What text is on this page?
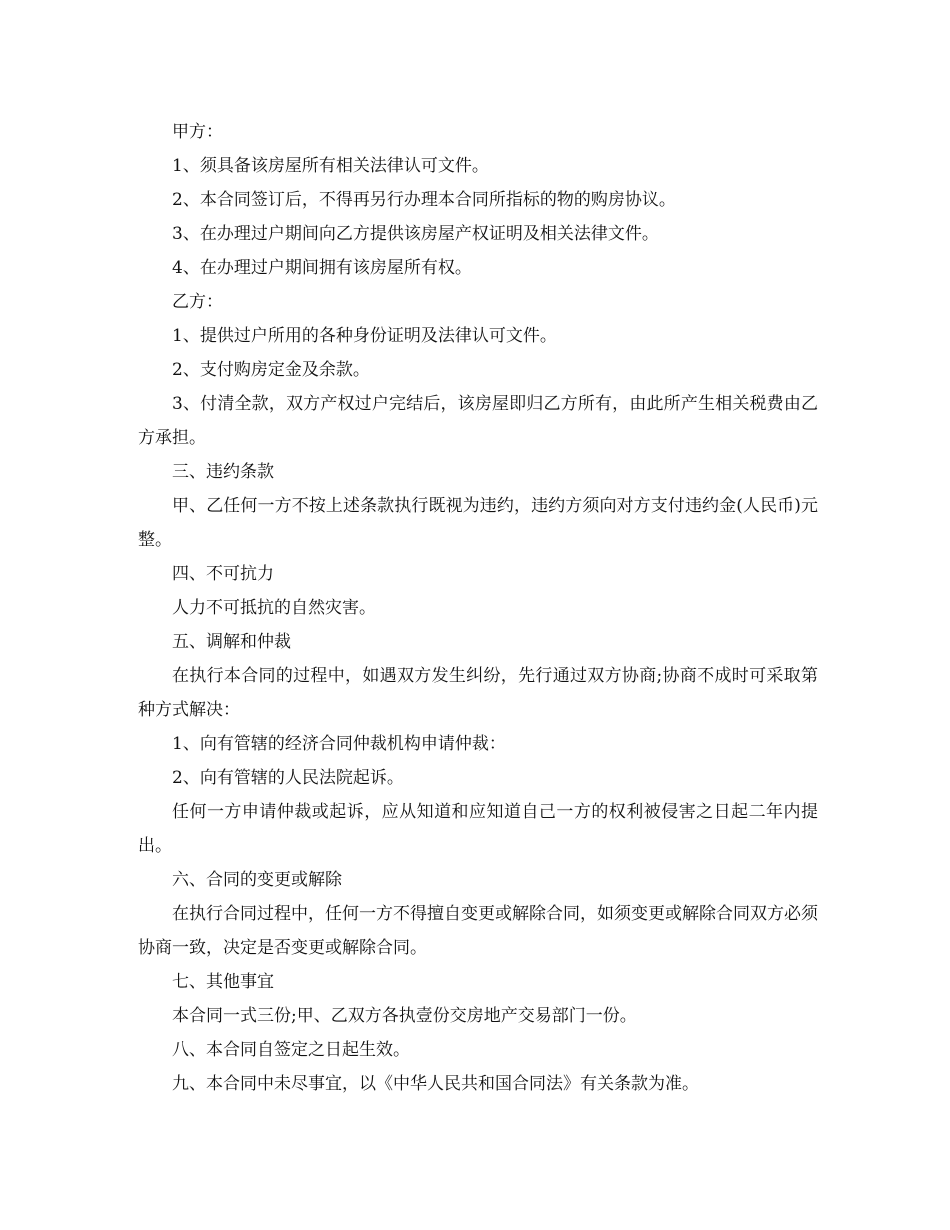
甲方：

1、须具备该房屋所有相关法律认可文件。

2、本合同签订后，不得再另行办理本合同所指标的物的购房协议。

3、在办理过户期间向乙方提供该房屋产权证明及相关法律文件。

4、在办理过户期间拥有该房屋所有权。

乙方：

1、提供过户所用的各种身份证明及法律认可文件。

2、支付购房定金及余款。

3、付清全款，双方产权过户完结后，该房屋即归乙方所有，由此所产生相关税费由乙方承担。

三、违约条款

甲、乙任何一方不按上述条款执行既视为违约，违约方须向对方支付违约金(人民币)元整。

四、不可抗力

人力不可抵抗的自然灾害。

五、调解和仲裁

在执行本合同的过程中，如遇双方发生纠纷，先行通过双方协商;协商不成时可采取第种方式解决：

1、向有管辖的经济合同仲裁机构申请仲裁：

2、向有管辖的人民法院起诉。

任何一方申请仲裁或起诉，应从知道和应知道自己一方的权利被侵害之日起二年内提出。

六、合同的变更或解除

在执行合同过程中，任何一方不得擅自变更或解除合同，如须变更或解除合同双方必须协商一致，决定是否变更或解除合同。

七、其他事宜

本合同一式三份;甲、乙双方各执壹份交房地产交易部门一份。

八、本合同自签定之日起生效。

九、本合同中未尽事宜，以《中华人民共和国合同法》有关条款为准。
